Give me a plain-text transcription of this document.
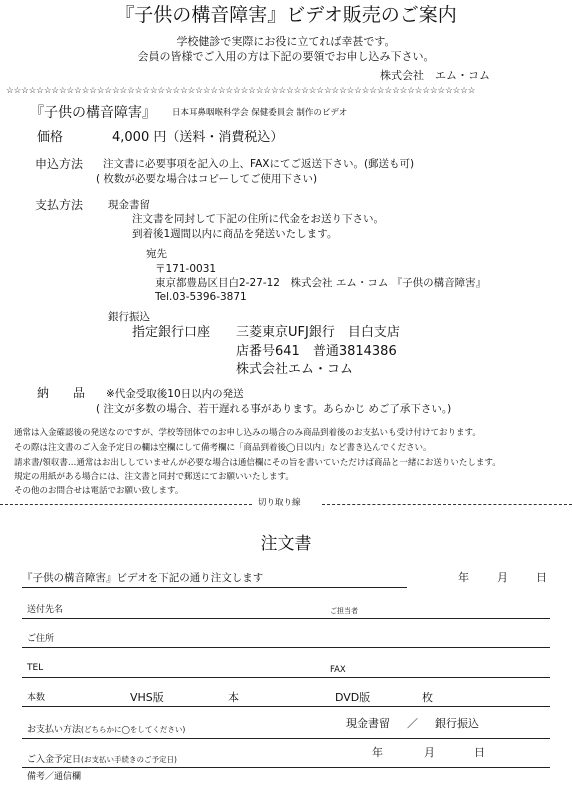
『子供の構音障害』ビデオ販売のご案内
学校健診で実際にお役に立てれば幸甚です。
会員の皆様でご入用の方は下記の要領でお申し込み下さい。
株式会社　エム・コム
☆☆☆☆☆☆☆☆☆☆☆☆☆☆☆☆☆☆☆☆☆☆☆☆☆☆☆☆☆☆☆☆☆☆☆☆☆☆☆☆☆☆☆☆☆☆☆☆☆☆☆☆☆☆☆☆☆☆☆☆☆☆
『子供の構音障害』 日本耳鼻咽喉科学会 保健委員会 制作のビデオ
価格	4,000 円（送料・消費税込）
申込方法 注文書に必要事項を記入の上、FAXにてご返送下さい。(郵送も可)
( 枚数が必要な場合はコピーしてご使用下さい)
支払方法 現金書留
注文書を同封して下記の住所に代金をお送り下さい。
到着後1週間以内に商品を発送いたします。
宛先
〒171-0031
東京都豊島区目白2-27-12　株式会社 エム・コム 『子供の構音障害』
Tel.03-5396-3871
銀行振込
指定銀行口座 三菱東京UFJ銀行　目白支店
店番号641　普通3814386
株式会社エム・コム
納　　品 ※代金受取後10日以内の発送
( 注文が多数の場合、若干遅れる事があります。あらかじ めご了承下さい。)
通常は入金確認後の発送なのですが、学校等団体でのお申し込みの場合のみ商品到着後のお支払いも受け付けております。
その際は注文書のご入金予定日の欄は空欄にして備考欄に「商品到着後◯日以内」など書き込んでください。
請求書/領収書…通常はお出ししていませんが必要な場合は通信欄にその旨を書いていただけば商品と一緒にお送りいたします。
規定の用紙がある場合には、注文書と同封で郵送にてお願いいたします。
その他のお問合せは電話でお願い致します。
切り取り線
注文書
『子供の構音障害』ビデオを下記の通り注文します	年	月	日
送付先名	ご担当者
ご住所
TEL	FAX
本数	VHS版	本	DVD版	枚
お支払い方法(どちらかに◯をしてください)	現金書留 ／ 銀行振込
ご入金予定日(お支払い手続きのご予定日)
年	月	日
備考／通信欄
